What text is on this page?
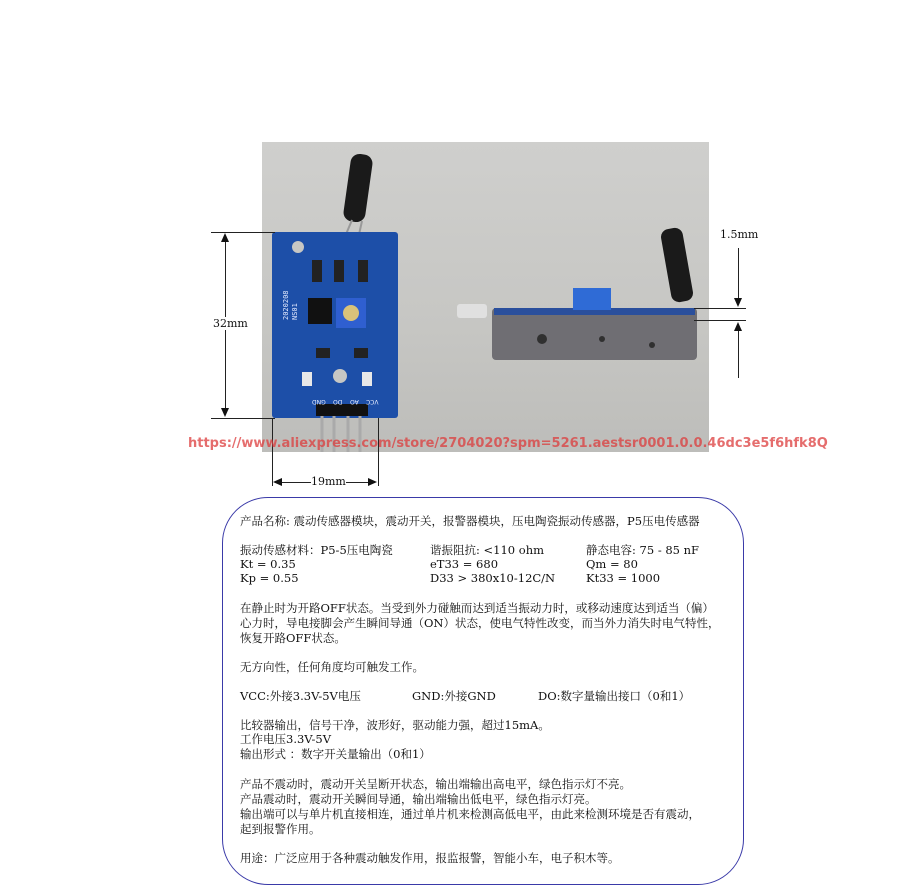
2020208
NS01
GND DO AO VCC
32mm
19mm
1.5mm
https://www.aliexpress.com/store/2704020?spm=5261.aestsr0001.0.0.46dc3e5f6hfk8Q
产品名称: 震动传感器模块，震动开关，报警器模块，压电陶瓷振动传感器，P5压电传感器
振动传感材料：P5-5压电陶瓷	谐振阻抗: <110 ohm	静态电容: 75 - 85 nF
Kt = 0.35	eT33 = 680	Qm = 80
Kp = 0.55	D33 > 380x10-12C/N	Kt33 = 1000
在静止时为开路OFF状态。当受到外力碰触而达到适当振动力时，或移动速度达到适当（偏）
心力时，导电接脚会产生瞬间导通（ON）状态，使电气特性改变，而当外力消失时电气特性，
恢复开路OFF状态。
无方向性，任何角度均可触发工作。
VCC:外接3.3V-5V电压	GND:外接GND	DO:数字量输出接口（0和1）
比较器输出，信号干净，波形好，驱动能力强，超过15mA。
工作电压3.3V-5V
输出形式 ：数字开关量输出（0和1）
产品不震动时，震动开关呈断开状态，输出端输出高电平，绿色指示灯不亮。
产品震动时，震动开关瞬间导通，输出端输出低电平，绿色指示灯亮。
输出端可以与单片机直接相连，通过单片机来检测高低电平，由此来检测环境是否有震动，
起到报警作用。
用途：广泛应用于各种震动触发作用，报监报警，智能小车，电子积木等。
